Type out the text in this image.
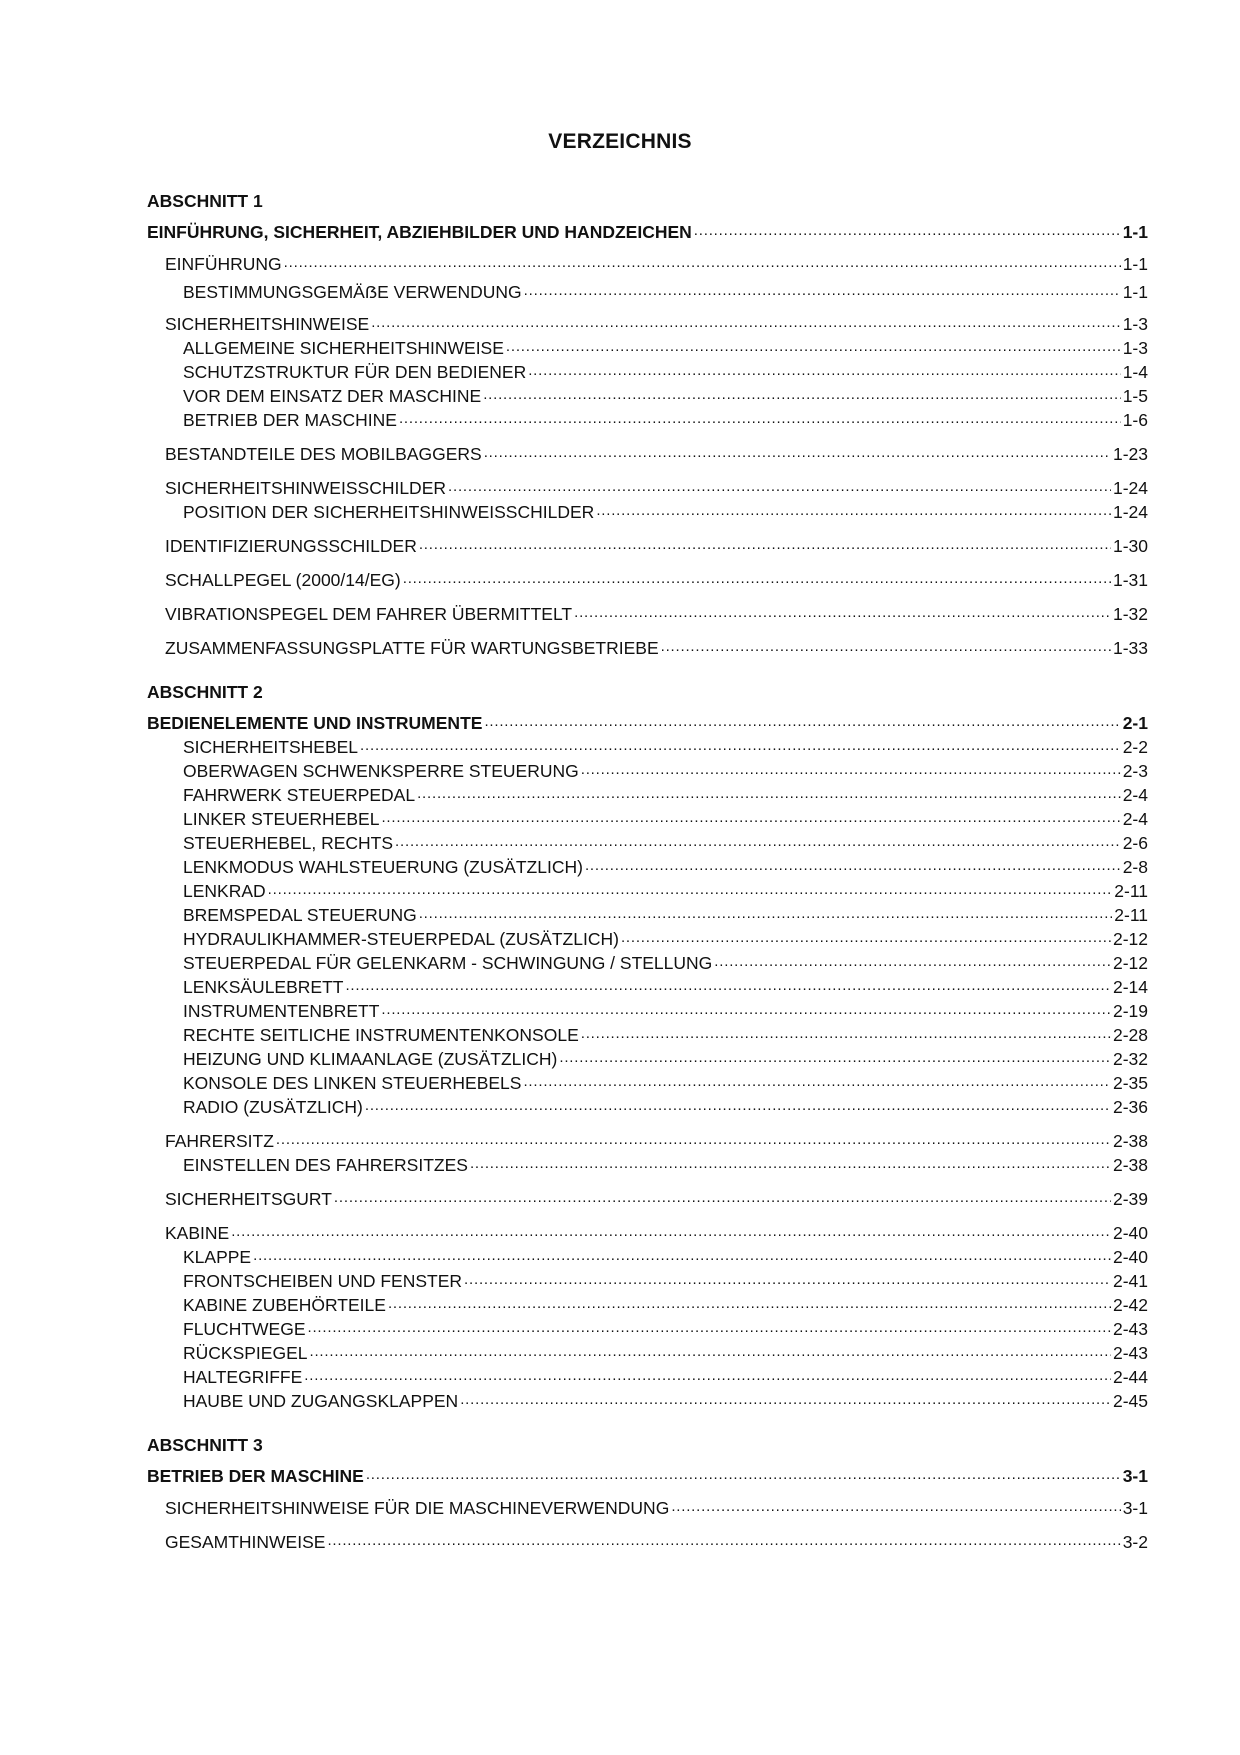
VERZEICHNIS
ABSCHNITT 1
EINFÜHRUNG, SICHERHEIT, ABZIEHBILDER UND HANDZEICHEN .....	1-1
EINFÜHRUNG .....	1-1
BESTIMMUNGSGEMÄẞE VERWENDUNG .....	1-1
SICHERHEITSHINWEISE .....	1-3
ALLGEMEINE SICHERHEITSHINWEISE .....	1-3
SCHUTZSTRUKTUR FÜR DEN BEDIENER .....	1-4
VOR DEM EINSATZ DER MASCHINE .....	1-5
BETRIEB DER MASCHINE .....	1-6
BESTANDTEILE DES MOBILBAGGERS .....	1-23
SICHERHEITSHINWEISSCHILDER .....	1-24
POSITION DER SICHERHEITSHINWEISSCHILDER .....	1-24
IDENTIFIZIERUNGSSCHILDER .....	1-30
SCHALLPEGEL (2000/14/EG) .....	1-31
VIBRATIONSPEGEL DEM FAHRER ÜBERMITTELT .....	1-32
ZUSAMMENFASSUNGSPLATTE FÜR WARTUNGSBETRIEBE .....	1-33
ABSCHNITT 2
BEDIENELEMENTE UND INSTRUMENTE .....	2-1
SICHERHEITSHEBEL .....	2-2
OBERWAGEN SCHWENKSPERRE STEUERUNG .....	2-3
FAHRWERK STEUERPEDAL .....	2-4
LINKER STEUERHEBEL .....	2-4
STEUERHEBEL, RECHTS .....	2-6
LENKMODUS WAHLSTEUERUNG (ZUSÄTZLICH) .....	2-8
LENKRAD .....	2-11
BREMSPEDAL STEUERUNG .....	2-11
HYDRAULIKHAMMER-STEUERPEDAL (ZUSÄTZLICH) .....	2-12
STEUERPEDAL FÜR GELENKARM - SCHWINGUNG / STELLUNG .....	2-12
LENKSÄULEBRETT .....	2-14
INSTRUMENTENBRETT .....	2-19
RECHTE SEITLICHE INSTRUMENTENKONSOLE .....	2-28
HEIZUNG UND KLIMAANLAGE (ZUSÄTZLICH) .....	2-32
KONSOLE DES LINKEN STEUERHEBELS .....	2-35
RADIO (ZUSÄTZLICH) .....	2-36
FAHRERSITZ .....	2-38
EINSTELLEN DES FAHRERSITZES .....	2-38
SICHERHEITSGURT .....	2-39
KABINE .....	2-40
KLAPPE .....	2-40
FRONTSCHEIBEN UND FENSTER .....	2-41
KABINE ZUBEHÖRTEILE .....	2-42
FLUCHTWEGE .....	2-43
RÜCKSPIEGEL .....	2-43
HALTEGRIFFE .....	2-44
HAUBE UND ZUGANGSKLAPPEN .....	2-45
ABSCHNITT 3
BETRIEB DER MASCHINE .....	3-1
SICHERHEITSHINWEISE FÜR DIE MASCHINEVERWENDUNG .....	3-1
GESAMTHINWEISE .....	3-2
